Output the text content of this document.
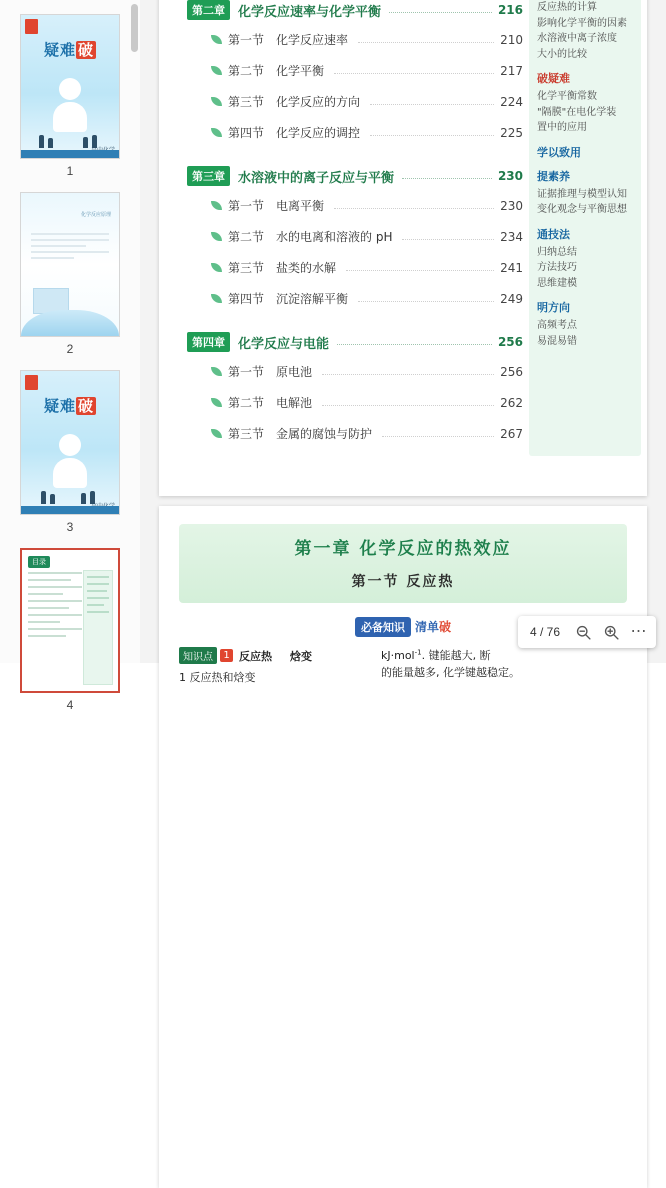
疑难 破
1
化学反应原理
2
疑难 破
3
目录
4
第二章	化学反应速率与化学平衡	216
第一节 化学反应速率	210
第二节 化学平衡	217
第三节 化学反应的方向	224
第四节 化学反应的调控	225
第三章	水溶液中的离子反应与平衡	230
第一节 电离平衡	230
第二节 水的电离和溶液的 pH	234
第三节 盐类的水解	241
第四节 沉淀溶解平衡	249
第四章	化学反应与电能	256
第一节 原电池	256
第二节 电解池	262
第三节 金属的腐蚀与防护	267
反应热的计算
影响化学平衡的因素
水溶液中离子浓度
大小的比较
破疑难
化学平衡常数
"隔膜"在电化学装
置中的应用
学以致用
提素养
证据推理与模型认知
变化观念与平衡思想
通技法
归纳总结
方法技巧
思维建模
明方向
高频考点
易混易错
第一章 化学反应的热效应
第一节 反应热
必备知识 清单破
知识点	1 反应热 焓变
1 反应热和焓变
kJ·mol$^{-1}$. 键能越大, 断
的能量越多, 化学键越稳定。
4 / 76	⋯
